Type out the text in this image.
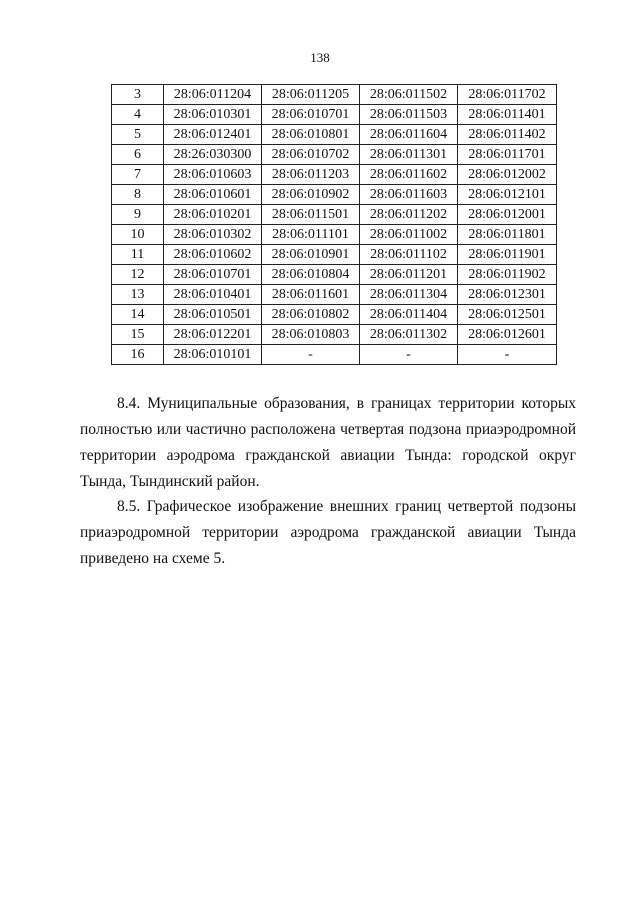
138
3	28:06:011204	28:06:011205	28:06:011502	28:06:011702
4	28:06:010301	28:06:010701	28:06:011503	28:06:011401
5	28:06:012401	28:06:010801	28:06:011604	28:06:011402
6	28:26:030300	28:06:010702	28:06:011301	28:06:011701
7	28:06:010603	28:06:011203	28:06:011602	28:06:012002
8	28:06:010601	28:06:010902	28:06:011603	28:06:012101
9	28:06:010201	28:06:011501	28:06:011202	28:06:012001
10	28:06:010302	28:06:011101	28:06:011002	28:06:011801
11	28:06:010602	28:06:010901	28:06:011102	28:06:011901
12	28:06:010701	28:06:010804	28:06:011201	28:06:011902
13	28:06:010401	28:06:011601	28:06:011304	28:06:012301
14	28:06:010501	28:06:010802	28:06:011404	28:06:012501
15	28:06:012201	28:06:010803	28:06:011302	28:06:012601
16	28:06:010101	-	-	-

8.4. Муниципальные образования, в границах территории которых полностью или частично расположена четвертая подзона приаэродромной территории аэродрома гражданской авиации Тында: городской округ Тында, Тындинский район.

8.5. Графическое изображение внешних границ четвертой подзоны приаэродромной территории аэродрома гражданской авиации Тында приведено на схеме 5.
